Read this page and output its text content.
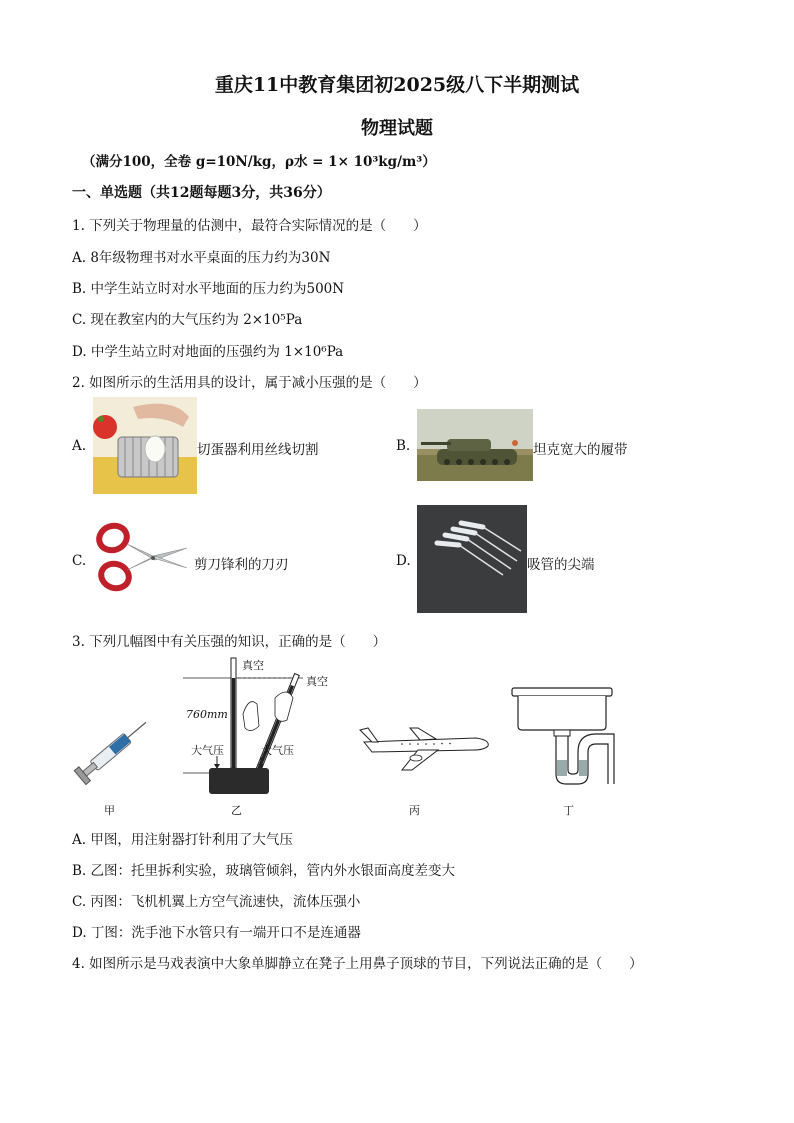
重庆11中教育集团初2025级八下半期测试
物理试题
（满分100，全卷 g=10N/kg，ρ水 = 1× 10³kg/m³）
一、单选题（共12题每题3分，共36分）
1. 下列关于物理量的估测中，最符合实际情况的是（　　）
A. 8年级物理书对水平桌面的压力约为30N
B. 中学生站立时对水平地面的压力约为500N
C. 现在教室内的大气压约为 2×10⁵Pa
D. 中学生站立时对地面的压强约为 1×10⁶Pa
2. 如图所示的生活用具的设计，属于减小压强的是（　　）
A.	切蛋器利用丝线切割	B.	坦克宽大的履带
C.	剪刀锋利的刀刃	D.	吸管的尖端
3. 下列几幅图中有关压强的知识，正确的是（　　）
甲
真空
真空
760mm
大气压	大气压
乙	丙	丁
A. 甲图，用注射器打针利用了大气压
B. 乙图：托里拆利实验，玻璃管倾斜，管内外水银面高度差变大
C. 丙图：飞机机翼上方空气流速快，流体压强小
D. 丁图：洗手池下水管只有一端开口不是连通器
4. 如图所示是马戏表演中大象单脚静立在凳子上用鼻子顶球的节目，下列说法正确的是（　　）
